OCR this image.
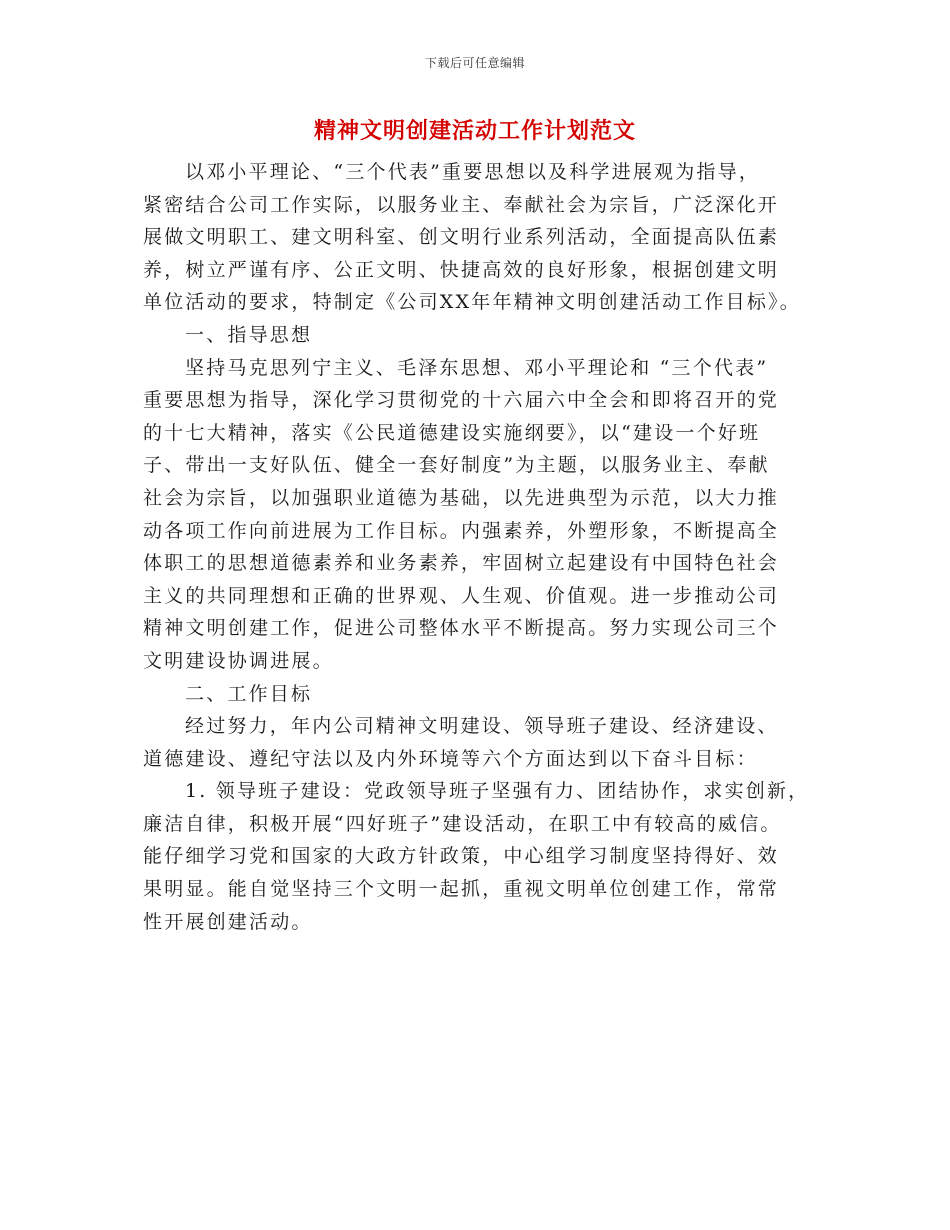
下载后可任意编辑
精神文明创建活动工作计划范文
以邓小平理论、“三个代表”重要思想以及科学进展观为指导，
紧密结合公司工作实际，以服务业主、奉献社会为宗旨，广泛深化开
展做文明职工、建文明科室、创文明行业系列活动，全面提高队伍素
养，树立严谨有序、公正文明、快捷高效的良好形象，根据创建文明
单位活动的要求，特制定《公司XX年年精神文明创建活动工作目标》。
一、指导思想
坚持马克思列宁主义、毛泽东思想、邓小平理论和 “三个代表”
重要思想为指导，深化学习贯彻党的十六届六中全会和即将召开的党
的十七大精神，落实《公民道德建设实施纲要》，以“建设一个好班
子、带出一支好队伍、健全一套好制度”为主题，以服务业主、奉献
社会为宗旨，以加强职业道德为基础，以先进典型为示范，以大力推
动各项工作向前进展为工作目标。内强素养，外塑形象，不断提高全
体职工的思想道德素养和业务素养，牢固树立起建设有中国特色社会
主义的共同理想和正确的世界观、人生观、价值观。进一步推动公司
精神文明创建工作，促进公司整体水平不断提高。努力实现公司三个
文明建设协调进展。
二、工作目标
经过努力，年内公司精神文明建设、领导班子建设、经济建设、
道德建设、遵纪守法以及内外环境等六个方面达到以下奋斗目标：
1. 领导班子建设：党政领导班子坚强有力、团结协作，求实创新，
廉洁自律，积极开展“四好班子”建设活动，在职工中有较高的威信。
能仔细学习党和国家的大政方针政策，中心组学习制度坚持得好、效
果明显。能自觉坚持三个文明一起抓，重视文明单位创建工作，常常
性开展创建活动。
